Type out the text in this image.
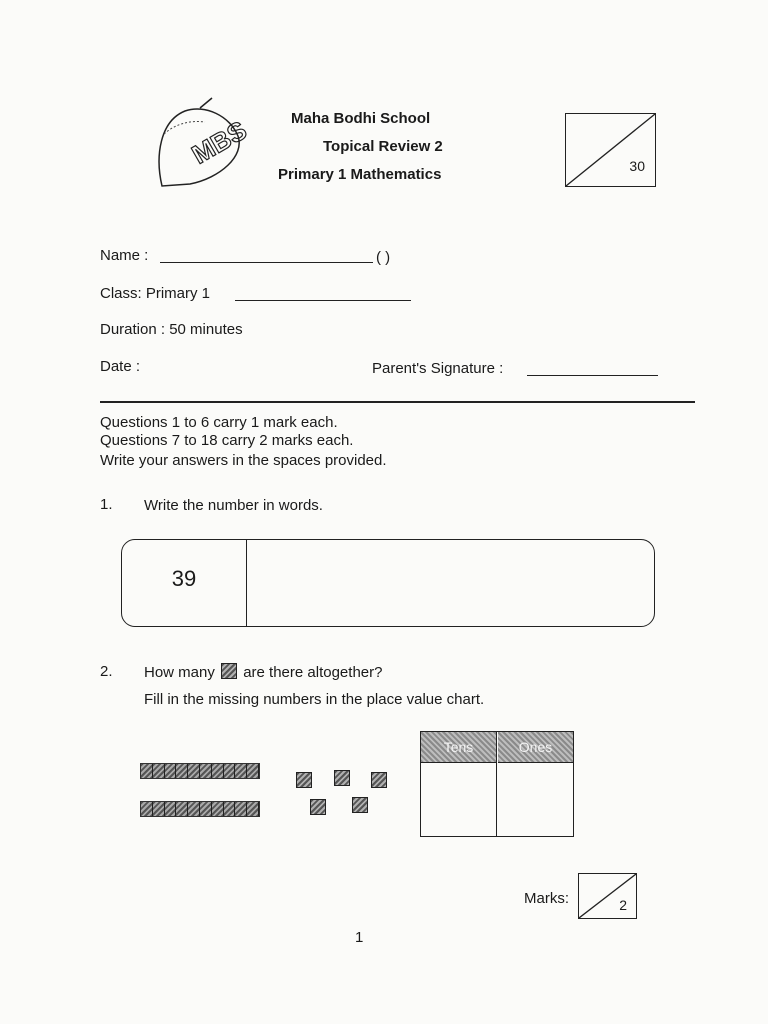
MBS	Maha Bodhi School
Topical Review 2
Primary 1 Mathematics	30
Name :	( )
Class: Primary 1
Duration : 50 minutes
Date :	Parent's Signature :
Questions 1 to 6 carry 1 mark each.
Questions 7 to 18 carry 2 marks each.
Write your answers in the spaces provided.
1. Write the number in words.
39
2. How many are there altogether?
Fill in the missing numbers in the place value chart.
Tens	Ones
Marks:	2
1
